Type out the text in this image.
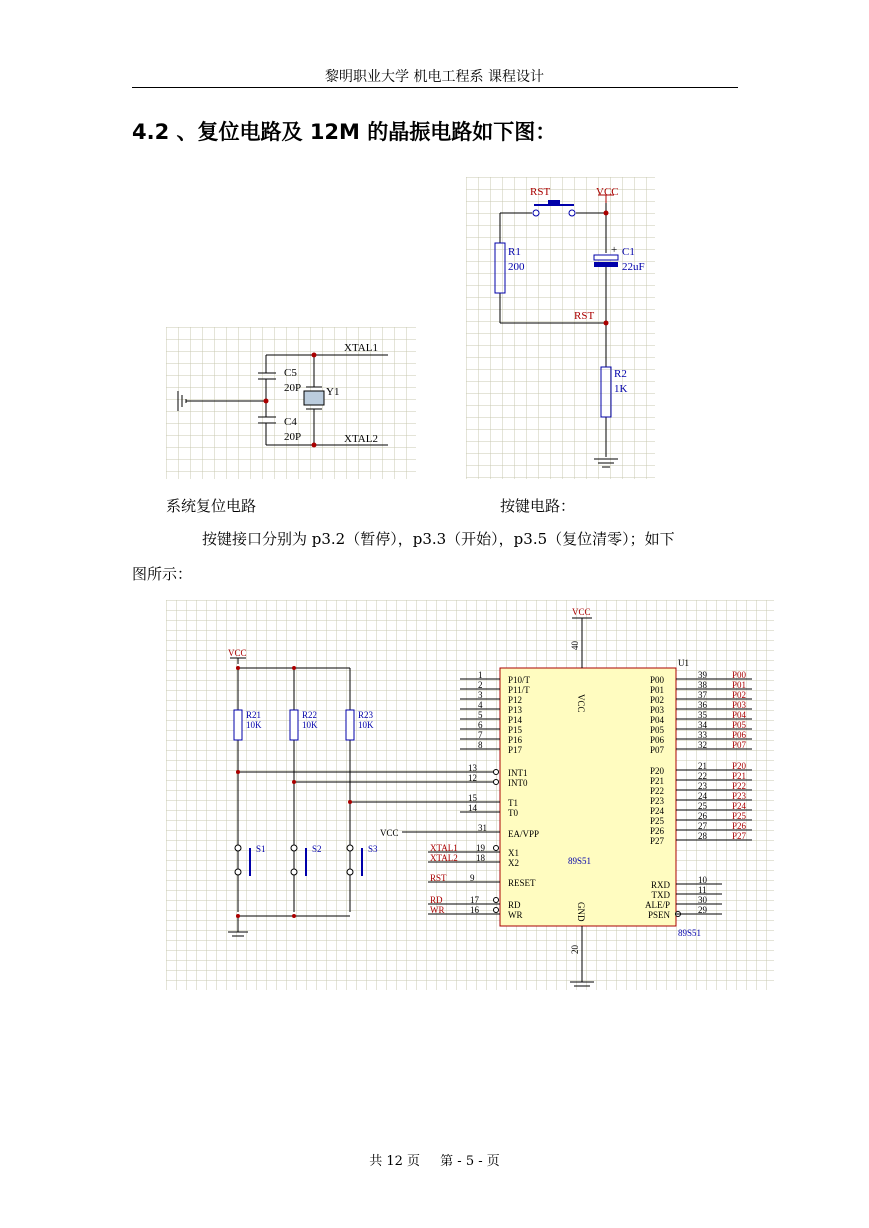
黎明职业大学 机电工程系 课程设计
4.2 、复位电路及 12M 的晶振电路如下图：
XTAL1
XTAL2
C5
20P
C4
20P
Y1
RST	VCC
R1
200
+ C1
22uF
RST
R2
1K
系统复位电路	按键电路：
按键接口分别为 p3.2（暂停），p3.3（开始），p3.5（复位清零）；如下
图所示：
1	P10/T
2	P11/T
3	P12
4	P13
5	P14
6	P15
7	P16
8	P17
13	INT1
12	INT0
15	T1
14	T0
31
EA/VPP
XTAL1 19	X1
XTAL2 18	X2
RST	9	RESET
RD	17	RD
WR	16	WR
P00	39	P00
P01	38	P01
P02	37	P02
P03	36	P03
P04	35	P04
P05	34	P05
P06	33	P06
P07	32	P07
P20	21	P20
P21	22	P21
P22	23	P22
P23	24	P23
P24	25	P24
P25	26	P25
P26	27	P26
P27	28	P27
RXD	10
TXD	11
ALE/P	30
PSEN	29
R21
10K
R22
10K
R23
10K
S1	S2	S3
VCC
VCC
VCC
U1
89S51
89S51
40
20
VCC
GND
共 12 页 第 - 5 - 页
